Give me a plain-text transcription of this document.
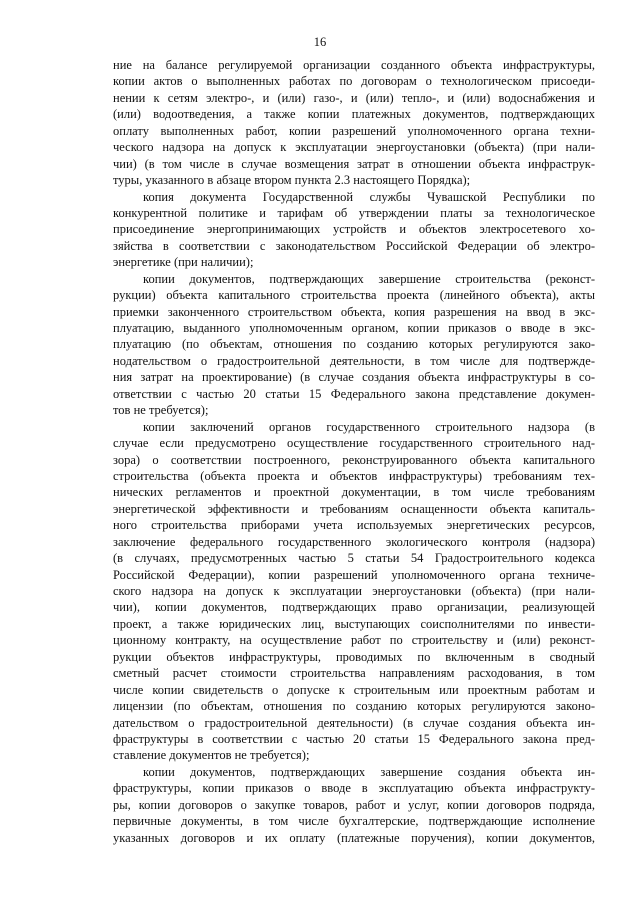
16
ние на балансе регулируемой организации созданного объекта инфраструктуры,
копии актов о выполненных работах по договорам о технологическом присоеди-
нении к сетям электро-, и (или) газо-, и (или) тепло-, и (или) водоснабжения и
(или) водоотведения, а также копии платежных документов, подтверждающих
оплату выполненных работ, копии разрешений уполномоченного органа техни-
ческого надзора на допуск к эксплуатации энергоустановки (объекта) (при нали-
чии) (в том числе в случае возмещения затрат в отношении объекта инфраструк-
туры, указанного в абзаце втором пункта 2.3 настоящего Порядка);
копия документа Государственной службы Чувашской Республики по
конкурентной политике и тарифам об утверждении платы за технологическое
присоединение энергопринимающих устройств и объектов электросетевого хо-
зяйства в соответствии с законодательством Российской Федерации об электро-
энергетике (при наличии);
копии документов, подтверждающих завершение строительства (реконст-
рукции) объекта капитального строительства проекта (линейного объекта), акты
приемки законченного строительством объекта, копия разрешения на ввод в экс-
плуатацию, выданного уполномоченным органом, копии приказов о вводе в экс-
плуатацию (по объектам, отношения по созданию которых регулируются зако-
нодательством о градостроительной деятельности, в том числе для подтвержде-
ния затрат на проектирование) (в случае создания объекта инфраструктуры в со-
ответствии с частью 20 статьи 15 Федерального закона представление докумен-
тов не требуется);
копии заключений органов государственного строительного надзора (в
случае если предусмотрено осуществление государственного строительного над-
зора) о соответствии построенного, реконструированного объекта капитального
строительства (объекта проекта и объектов инфраструктуры) требованиям тех-
нических регламентов и проектной документации, в том числе требованиям
энергетической эффективности и требованиям оснащенности объекта капиталь-
ного строительства приборами учета используемых энергетических ресурсов,
заключение федерального государственного экологического контроля (надзора)
(в случаях, предусмотренных частью 5 статьи 54 Градостроительного кодекса
Российской Федерации), копии разрешений уполномоченного органа техниче-
ского надзора на допуск к эксплуатации энергоустановки (объекта) (при нали-
чии), копии документов, подтверждающих право организации, реализующей
проект, а также юридических лиц, выступающих соисполнителями по инвести-
ционному контракту, на осуществление работ по строительству и (или) реконст-
рукции объектов инфраструктуры, проводимых по включенным в сводный
сметный расчет стоимости строительства направлениям расходования, в том
числе копии свидетельств о допуске к строительным или проектным работам и
лицензии (по объектам, отношения по созданию которых регулируются законо-
дательством о градостроительной деятельности) (в случае создания объекта ин-
фраструктуры в соответствии с частью 20 статьи 15 Федерального закона пред-
ставление документов не требуется);
копии документов, подтверждающих завершение создания объекта ин-
фраструктуры, копии приказов о вводе в эксплуатацию объекта инфраструкту-
ры, копии договоров о закупке товаров, работ и услуг, копии договоров подряда,
первичные документы, в том числе бухгалтерские, подтверждающие исполнение
указанных договоров и их оплату (платежные поручения), копии документов,
